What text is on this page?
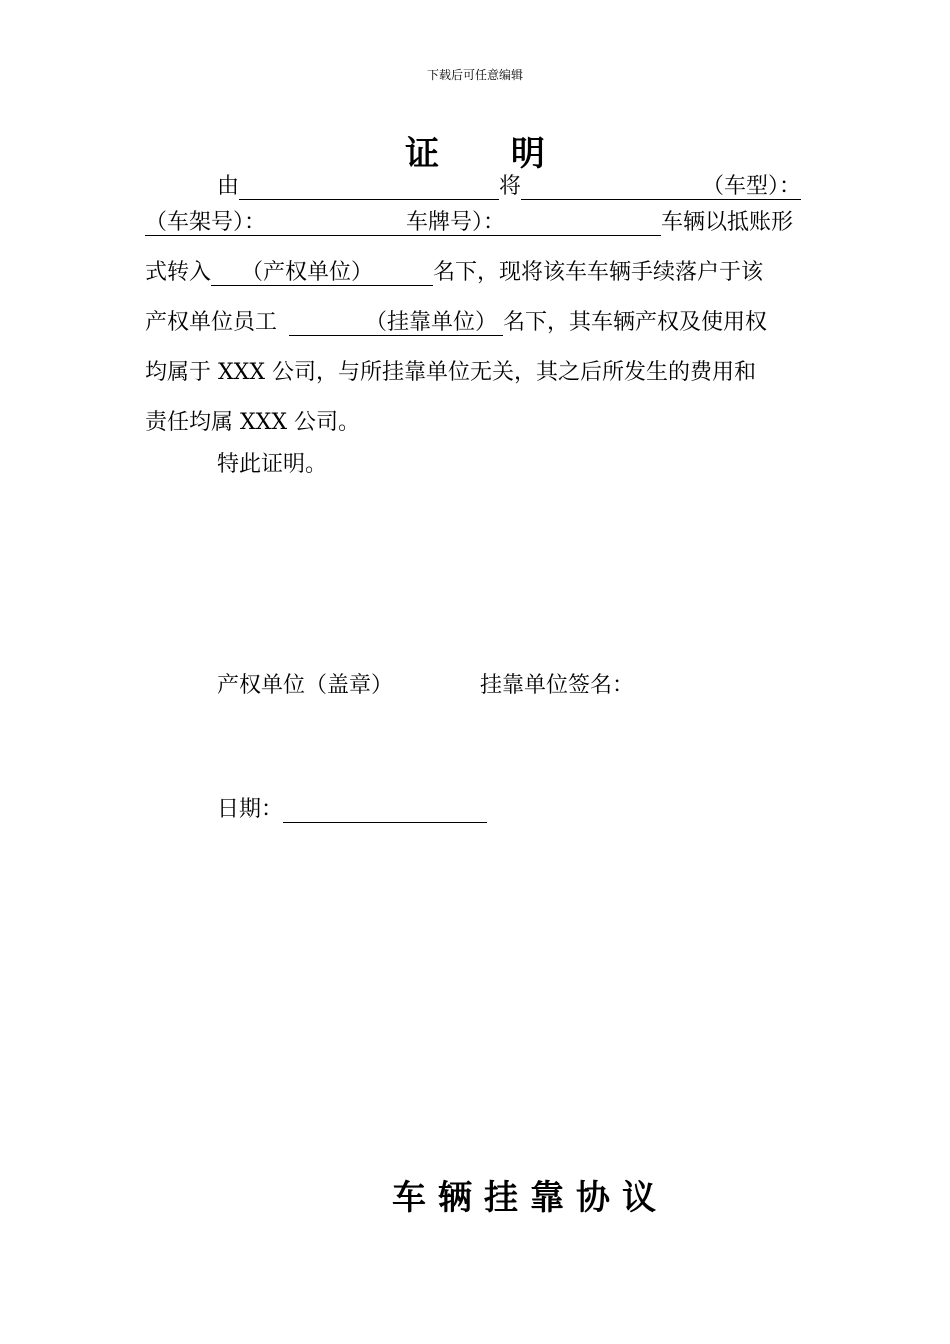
下载后可任意编辑
证 明
由	将	（车型）：
（车架号）：	车牌号）：	车辆以抵账形
式转入 （产权单位）	名下，现将该车车辆手续落户于该
产权单位员工	（挂靠单位） 名下，其车辆产权及使用权
均属于 XXX 公司，与所挂靠单位无关，其之后所发生的费用和
责任均属 XXX 公司。
特此证明。
产权单位（盖章）	挂靠单位签名：
日期：
车辆挂靠协议
